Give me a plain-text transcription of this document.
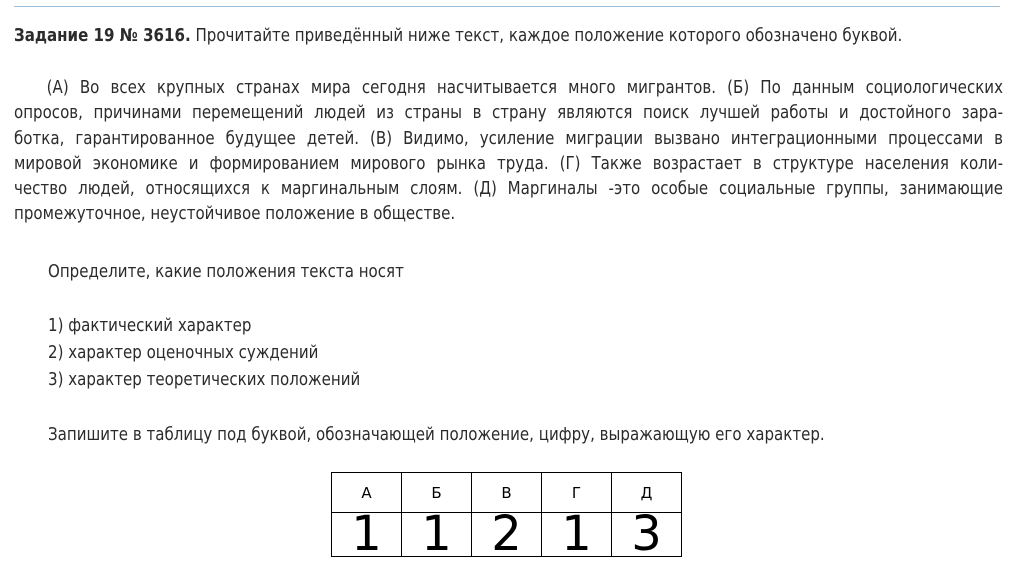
Задание 19 № 3616. Прочитайте приведённый ниже текст, каждое положение которого обозначено буквой.
(А) Во всех крупных странах мира сегодня насчитывается много мигрантов. (Б) По данным социологических
опросов, причинами перемещений людей из страны в страну являются поиск лучшей работы и достойного зара-
ботка, гарантированное будущее детей. (В) Видимо, усиление миграции вызвано интеграционными процессами в
мировой экономике и формированием мирового рынка труда. (Г) Также возрастает в структуре населения коли-
чество людей, относящихся к маргинальным слоям. (Д) Маргиналы -это особые социальные группы, занимающие
промежуточное, неустойчивое положение в обществе.
Определите, какие положения текста носят
1) фактический характер
2) характер оценочных суждений
3) характер теоретических положений
Запишите в таблицу под буквой, обозначающей положение, цифру, выражающую его характер.
А	Б	В	Г	Д
1	1	2	1	3
